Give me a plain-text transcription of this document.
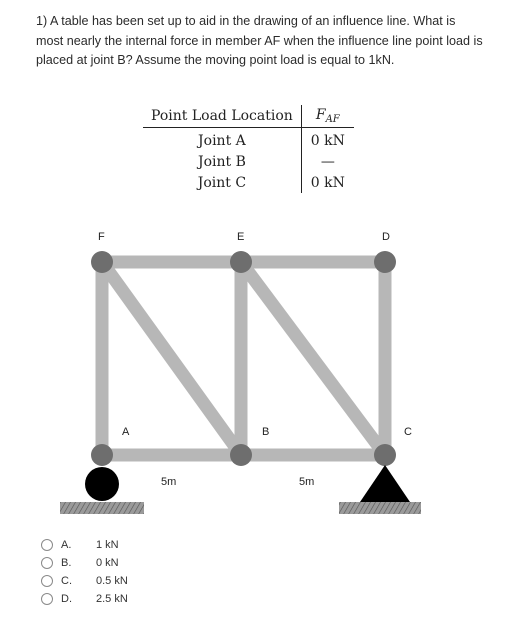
1) A table has been set up to aid in the drawing of an influence line. What is most nearly the internal force in member AF when the influence line point load is placed at joint B? Assume the moving point load is equal to 1kN.
Point Load Location	$F_{AF}$
Joint A	0 kN
Joint B	—
Joint C	0 kN
F	E	D
A	B	C
5m	5m
A. 1 kN
B. 0 kN
C. 0.5 kN
D. 2.5 kN
